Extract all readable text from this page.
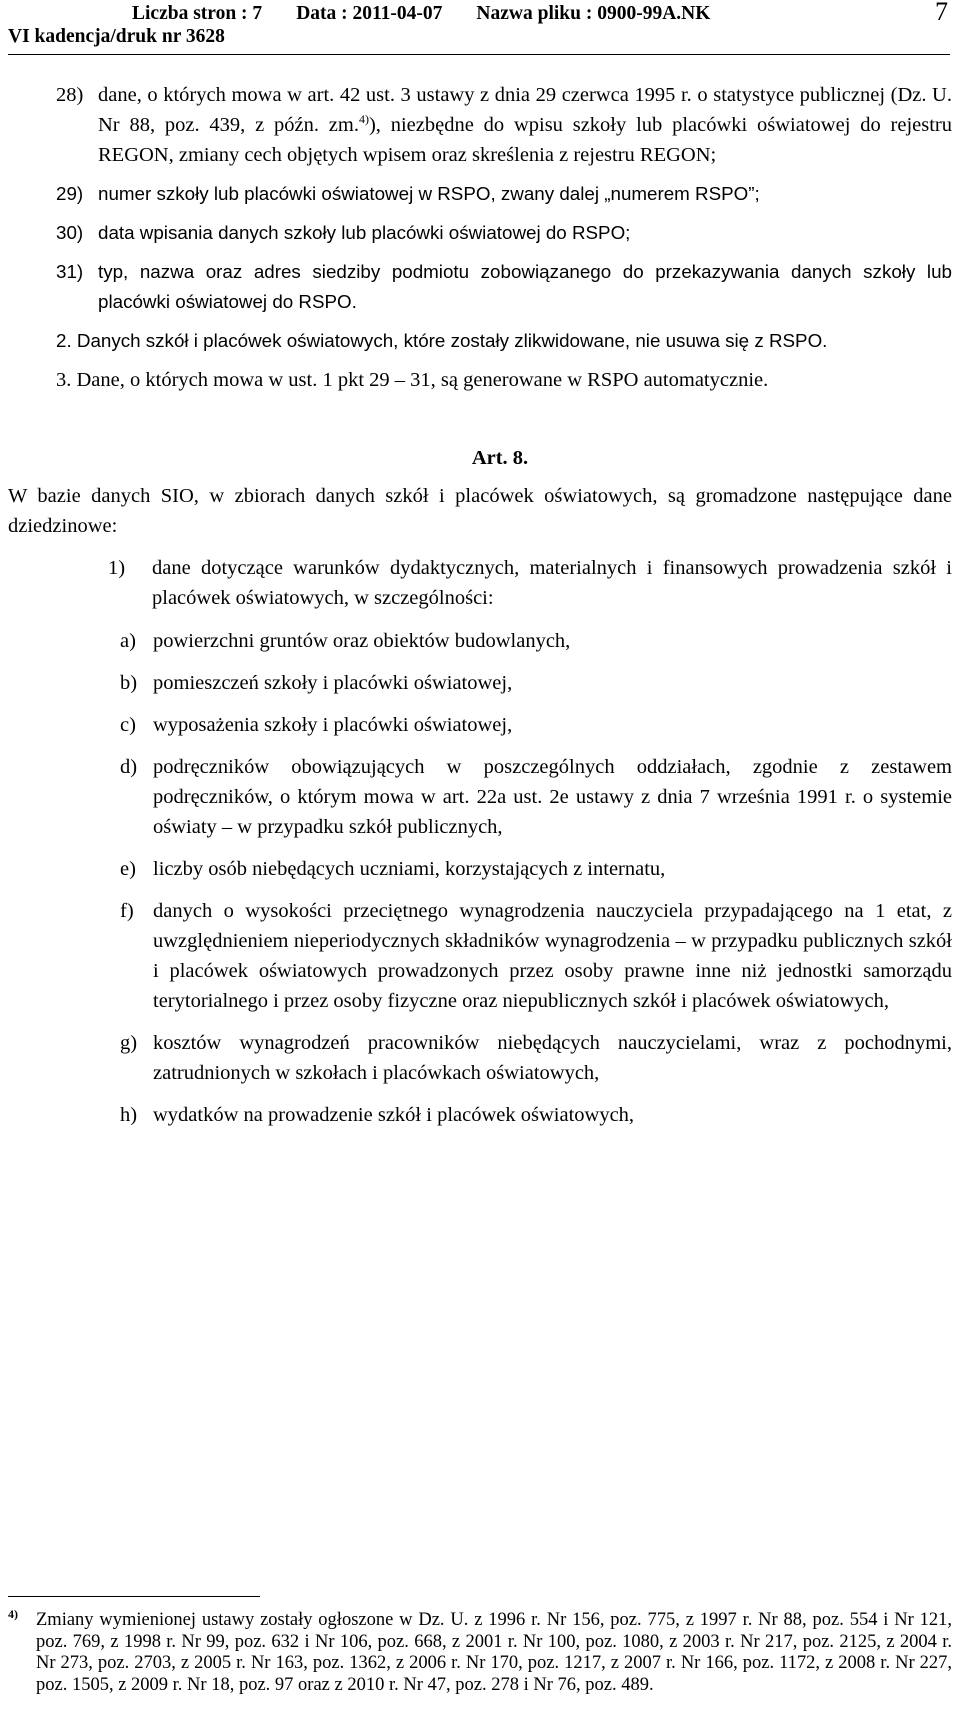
Liczba stron : 7 Data : 2011-04-07 Nazwa pliku : 0900-99A.NK
VI kadencja/druk nr 3628
7
28) dane, o których mowa w art. 42 ust. 3 ustawy z dnia 29 czerwca 1995 r. o statystyce publicznej (Dz. U. Nr 88, poz. 439, z późn. zm.$^{4)}$), niezbędne do wpisu szkoły lub placówki oświatowej do rejestru REGON, zmiany cech objętych wpisem oraz skreślenia z rejestru REGON;
29) numer szkoły lub placówki oświatowej w RSPO, zwany dalej „numerem RSPO”;
30) data wpisania danych szkoły lub placówki oświatowej do RSPO;
31) typ, nazwa oraz adres siedziby podmiotu zobowiązanego do przekazywania danych szkoły lub placówki oświatowej do RSPO.
2. Danych szkół i placówek oświatowych, które zostały zlikwidowane, nie usuwa się z RSPO.
3. Dane, o których mowa w ust. 1 pkt 29 – 31, są generowane w RSPO automatycznie.
Art. 8.
W bazie danych SIO, w zbiorach danych szkół i placówek oświatowych, są gromadzone następujące dane dziedzinowe:
1) dane dotyczące warunków dydaktycznych, materialnych i finansowych prowadzenia szkół i placówek oświatowych, w szczególności:
a) powierzchni gruntów oraz obiektów budowlanych,
b) pomieszczeń szkoły i placówki oświatowej,
c) wyposażenia szkoły i placówki oświatowej,
d) podręczników obowiązujących w poszczególnych oddziałach, zgodnie z zestawem podręczników, o którym mowa w art. 22a ust. 2e ustawy z dnia 7 września 1991 r. o systemie oświaty – w przypadku szkół publicznych,
e) liczby osób niebędących uczniami, korzystających z internatu,
f) danych o wysokości przeciętnego wynagrodzenia nauczyciela przypadającego na 1 etat, z uwzględnieniem nieperiodycznych składników wynagrodzenia – w przypadku publicznych szkół i placówek oświatowych prowadzonych przez osoby prawne inne niż jednostki samorządu terytorialnego i przez osoby fizyczne oraz niepublicznych szkół i placówek oświatowych,
g) kosztów wynagrodzeń pracowników niebędących nauczycielami, wraz z pochodnymi, zatrudnionych w szkołach i placówkach oświatowych,
h) wydatków na prowadzenie szkół i placówek oświatowych,
4) Zmiany wymienionej ustawy zostały ogłoszone w Dz. U. z 1996 r. Nr 156, poz. 775, z 1997 r. Nr 88, poz. 554 i Nr 121, poz. 769, z 1998 r. Nr 99, poz. 632 i Nr 106, poz. 668, z 2001 r. Nr 100, poz. 1080, z 2003 r. Nr 217, poz. 2125, z 2004 r. Nr 273, poz. 2703, z 2005 r. Nr 163, poz. 1362, z 2006 r. Nr 170, poz. 1217, z 2007 r. Nr 166, poz. 1172, z 2008 r. Nr 227, poz. 1505, z 2009 r. Nr 18, poz. 97 oraz z 2010 r. Nr 47, poz. 278 i Nr 76, poz. 489.
